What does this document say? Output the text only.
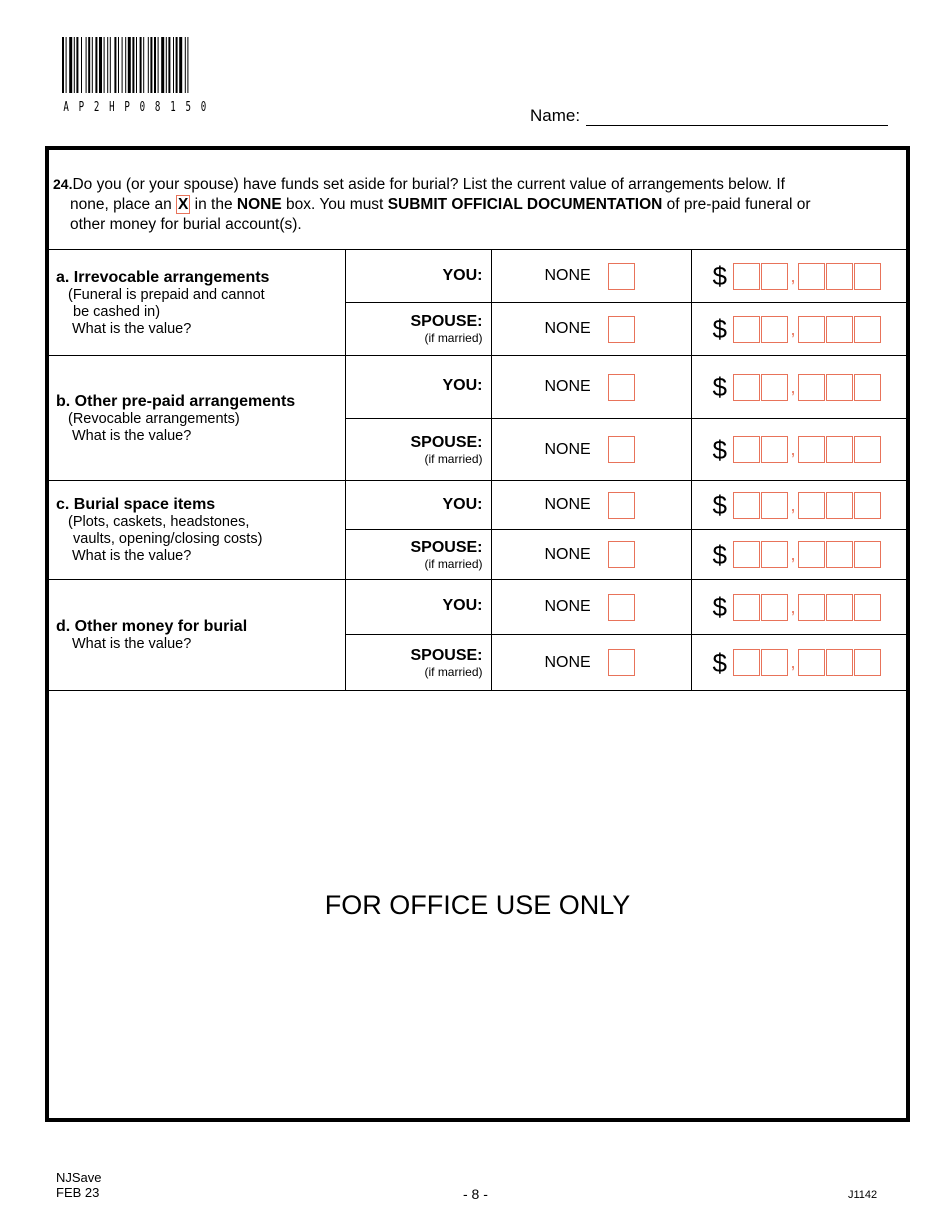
A P 2 H P 0 8 1 5 0	Name:
24.Do you (or your spouse) have funds set aside for burial? List the current value of arrangements below. If
none, place an X in the NONE box. You must SUBMIT OFFICIAL DOCUMENTATION of pre-paid funeral or
other money for burial account(s).
a. Irrevocable arrangements
(Funeral is prepaid and cannot
be cashed in)
What is the value?	YOU:	NONE	$ ,

	SPOUSE:
(if married)	NONE	$ ,

b. Other pre-paid arrangements
(Revocable arrangements)
What is the value?	YOU:	NONE	$ ,

	SPOUSE:
(if married)	NONE	$ ,

c. Burial space items
(Plots, caskets, headstones,
vaults, opening/closing costs)
What is the value?	YOU:	NONE	$ ,

	SPOUSE:
(if married)	NONE	$ ,

d. Other money for burial
What is the value?	YOU:	NONE	$ ,

	SPOUSE:
(if married)	NONE	$ ,
FOR OFFICE USE ONLY
NJSave
FEB 23	- 8 -	J1142
